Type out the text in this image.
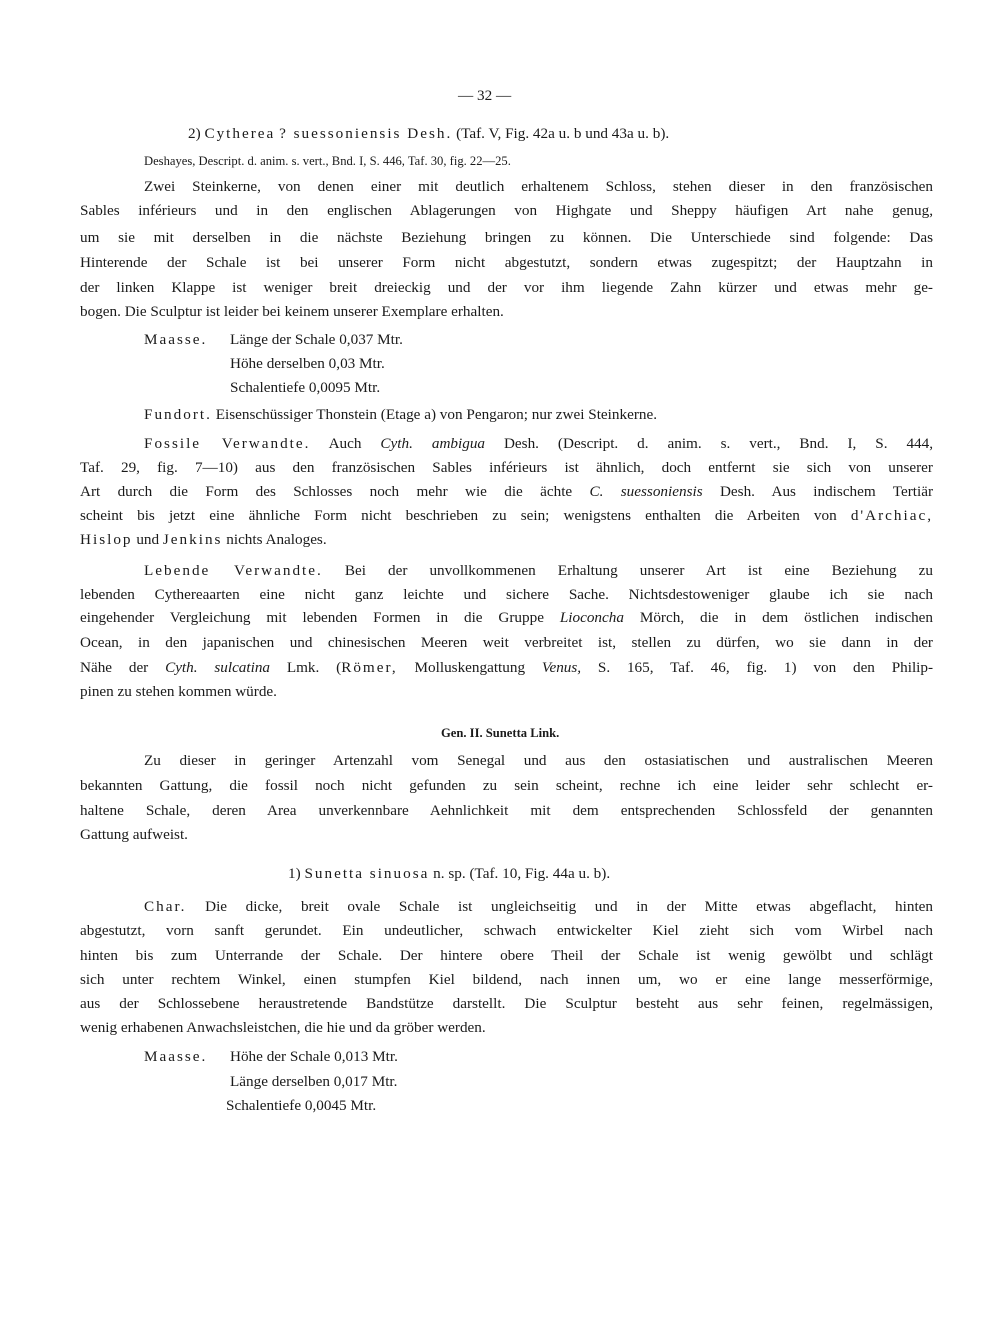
— 32 —
2) Cytherea ? suessoniensis Desh. (Taf. V, Fig. 42a u. b und 43a u. b).
Deshayes, Descript. d. anim. s. vert., Bnd. I, S. 446, Taf. 30, fig. 22—25.
Zwei Steinkerne, von denen einer mit deutlich erhaltenem Schloss, stehen dieser in den französischen
Sables inférieurs und in den englischen Ablagerungen von Highgate und Sheppy häufigen Art nahe genug,
um sie mit derselben in die nächste Beziehung bringen zu können. Die Unterschiede sind folgende: Das
Hinterende der Schale ist bei unserer Form nicht abgestutzt, sondern etwas zugespitzt; der Hauptzahn in
der linken Klappe ist weniger breit dreieckig und der vor ihm liegende Zahn kürzer und etwas mehr ge-
bogen. Die Sculptur ist leider bei keinem unserer Exemplare erhalten.
Maasse. Länge der Schale 0,037 Mtr.
Höhe derselben 0,03 Mtr.
Schalentiefe 0,0095 Mtr.
Fundort. Eisenschüssiger Thonstein (Etage a) von Pengaron; nur zwei Steinkerne.
Fossile Verwandte. Auch Cyth. ambigua Desh. (Descript. d. anim. s. vert., Bnd. I, S. 444,
Taf. 29, fig. 7—10) aus den französischen Sables inférieurs ist ähnlich, doch entfernt sie sich von unserer
Art durch die Form des Schlosses noch mehr wie die ächte C. suessoniensis Desh. Aus indischem Tertiär
scheint bis jetzt eine ähnliche Form nicht beschrieben zu sein; wenigstens enthalten die Arbeiten von d'Archiac,
Hislop und Jenkins nichts Analoges.
Lebende Verwandte. Bei der unvollkommenen Erhaltung unserer Art ist eine Beziehung zu
lebenden Cythereaarten eine nicht ganz leichte und sichere Sache. Nichtsdestoweniger glaube ich sie nach
eingehender Vergleichung mit lebenden Formen in die Gruppe Lioconcha Mörch, die in dem östlichen indischen
Ocean, in den japanischen und chinesischen Meeren weit verbreitet ist, stellen zu dürfen, wo sie dann in der
Nähe der Cyth. sulcatina Lmk. (Römer, Molluskengattung Venus, S. 165, Taf. 46, fig. 1) von den Philip-
pinen zu stehen kommen würde.
Gen. II. Sunetta Link.
Zu dieser in geringer Artenzahl vom Senegal und aus den ostasiatischen und australischen Meeren
bekannten Gattung, die fossil noch nicht gefunden zu sein scheint, rechne ich eine leider sehr schlecht er-
haltene Schale, deren Area unverkennbare Aehnlichkeit mit dem entsprechenden Schlossfeld der genannten
Gattung aufweist.
1) Sunetta sinuosa n. sp. (Taf. 10, Fig. 44a u. b).
Char. Die dicke, breit ovale Schale ist ungleichseitig und in der Mitte etwas abgeflacht, hinten
abgestutzt, vorn sanft gerundet. Ein undeutlicher, schwach entwickelter Kiel zieht sich vom Wirbel nach
hinten bis zum Unterrande der Schale. Der hintere obere Theil der Schale ist wenig gewölbt und schlägt
sich unter rechtem Winkel, einen stumpfen Kiel bildend, nach innen um, wo er eine lange messerförmige,
aus der Schlossebene heraustretende Bandstütze darstellt. Die Sculptur besteht aus sehr feinen, regelmässigen,
wenig erhabenen Anwachsleistchen, die hie und da gröber werden.
Maasse. Höhe der Schale 0,013 Mtr.
Länge derselben 0,017 Mtr.
Schalentiefe 0,0045 Mtr.
